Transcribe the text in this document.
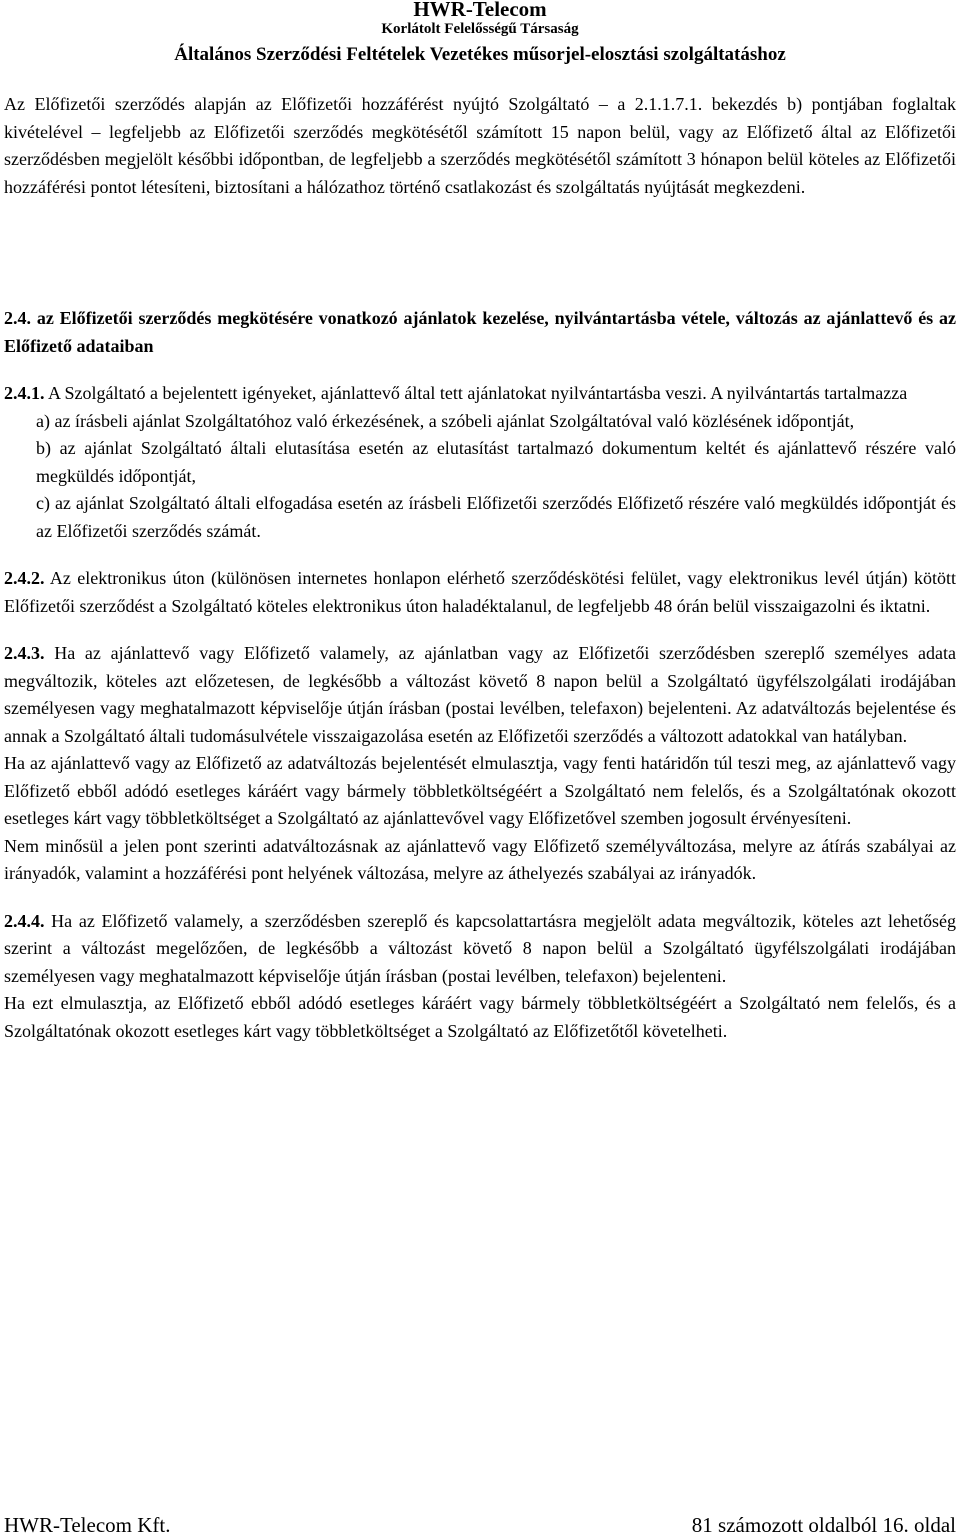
HWR-Telecom
Korlátolt Felelősségű Társaság
Általános Szerződési Feltételek Vezetékes műsorjel-elosztási szolgáltatáshoz

Az Előfizetői szerződés alapján az Előfizetői hozzáférést nyújtó Szolgáltató – a 2.1.1.7.1. bekezdés b) pontjában foglaltak kivételével – legfeljebb az Előfizetői szerződés megkötésétől számított 15 napon belül, vagy az Előfizető által az Előfizetői szerződésben megjelölt későbbi időpontban, de legfeljebb a szerződés megkötésétől számított 3 hónapon belül köteles az Előfizetői hozzáférési pontot létesíteni, biztosítani a hálózathoz történő csatlakozást és szolgáltatás nyújtását megkezdeni.

2.4. az Előfizetői szerződés megkötésére vonatkozó ajánlatok kezelése, nyilvántartásba vétele, változás az ajánlattevő és az Előfizető adataiban

2.4.1. A Szolgáltató a bejelentett igényeket, ajánlattevő által tett ajánlatokat nyilvántartásba veszi. A nyilvántartás tartalmazza

a) az írásbeli ajánlat Szolgáltatóhoz való érkezésének, a szóbeli ajánlat Szolgáltatóval való közlésének időpontját,

b) az ajánlat Szolgáltató általi elutasítása esetén az elutasítást tartalmazó dokumentum keltét és ajánlattevő részére való megküldés időpontját,

c) az ajánlat Szolgáltató általi elfogadása esetén az írásbeli Előfizetői szerződés Előfizető részére való megküldés időpontját és az Előfizetői szerződés számát.

2.4.2. Az elektronikus úton (különösen internetes honlapon elérhető szerződéskötési felület, vagy elektronikus levél útján) kötött Előfizetői szerződést a Szolgáltató köteles elektronikus úton haladéktalanul, de legfeljebb 48 órán belül visszaigazolni és iktatni.

2.4.3. Ha az ajánlattevő vagy Előfizető valamely, az ajánlatban vagy az Előfizetői szerződésben szereplő személyes adata megváltozik, köteles azt előzetesen, de legkésőbb a változást követő 8 napon belül a Szolgáltató ügyfélszolgálati irodájában személyesen vagy meghatalmazott képviselője útján írásban (postai levélben, telefaxon) bejelenteni. Az adatváltozás bejelentése és annak a Szolgáltató általi tudomásulvétele visszaigazolása esetén az Előfizetői szerződés a változott adatokkal van hatályban.

Ha az ajánlattevő vagy az Előfizető az adatváltozás bejelentését elmulasztja, vagy fenti határidőn túl teszi meg, az ajánlattevő vagy Előfizető ebből adódó esetleges káráért vagy bármely többletköltségéért a Szolgáltató nem felelős, és a Szolgáltatónak okozott esetleges kárt vagy többletköltséget a Szolgáltató az ajánlattevővel vagy Előfizetővel szemben jogosult érvényesíteni.

Nem minősül a jelen pont szerinti adatváltozásnak az ajánlattevő vagy Előfizető személyváltozása, melyre az átírás szabályai az irányadók, valamint a hozzáférési pont helyének változása, melyre az áthelyezés szabályai az irányadók.

2.4.4. Ha az Előfizető valamely, a szerződésben szereplő és kapcsolattartásra megjelölt adata megváltozik, köteles azt lehetőség szerint a változást megelőzően, de legkésőbb a változást követő 8 napon belül a Szolgáltató ügyfélszolgálati irodájában személyesen vagy meghatalmazott képviselője útján írásban (postai levélben, telefaxon) bejelenteni.

Ha ezt elmulasztja, az Előfizető ebből adódó esetleges káráért vagy bármely többletköltségéért a Szolgáltató nem felelős, és a Szolgáltatónak okozott esetleges kárt vagy többletköltséget a Szolgáltató az Előfizetőtől követelheti.

HWR-Telecom Kft.	81 számozott oldalból 16. oldal
